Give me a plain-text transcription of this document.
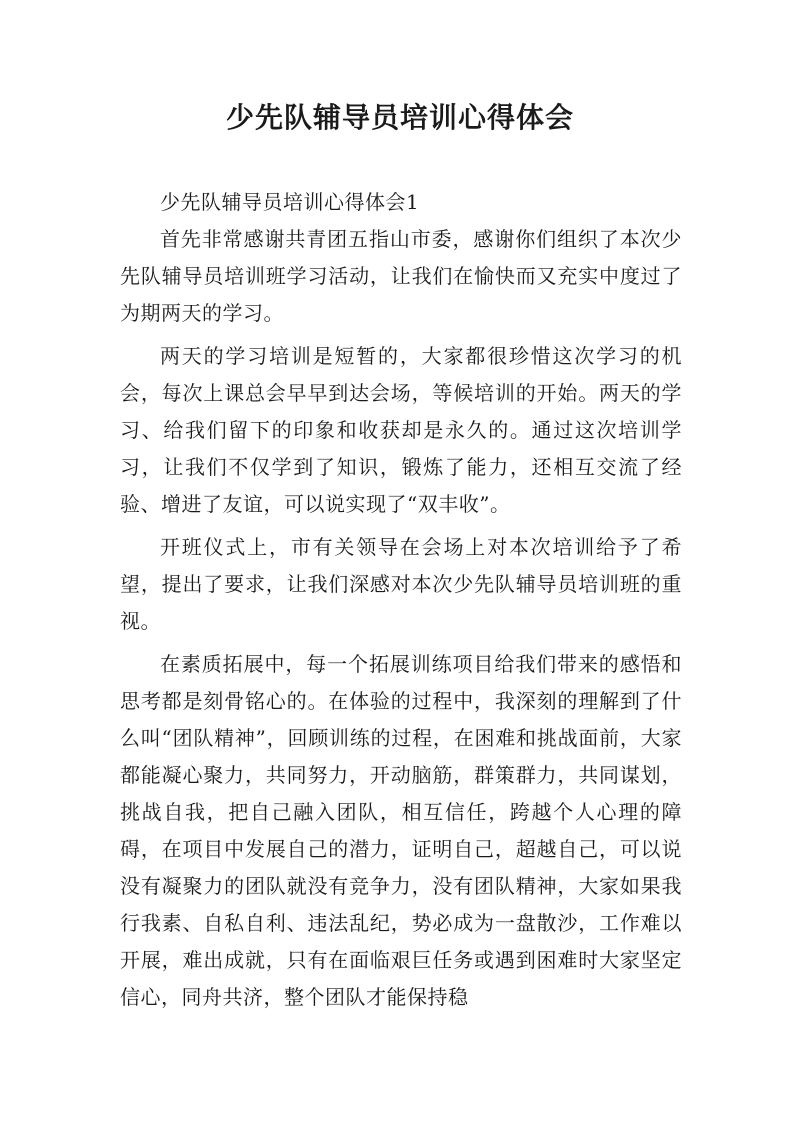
少先队辅导员培训心得体会

少先队辅导员培训心得体会1

首先非常感谢共青团五指山市委，感谢你们组织了本次少先队辅导员培训班学习活动，让我们在愉快而又充实中度过了为期两天的学习。

两天的学习培训是短暂的，大家都很珍惜这次学习的机会，每次上课总会早早到达会场，等候培训的开始。两天的学习、给我们留下的印象和收获却是永久的。通过这次培训学习，让我们不仅学到了知识，锻炼了能力，还相互交流了经验、增进了友谊，可以说实现了“双丰收”。

开班仪式上，市有关领导在会场上对本次培训给予了希望，提出了要求，让我们深感对本次少先队辅导员培训班的重视。

在素质拓展中，每一个拓展训练项目给我们带来的感悟和思考都是刻骨铭心的。在体验的过程中，我深刻的理解到了什么叫“团队精神”，回顾训练的过程，在困难和挑战面前，大家都能凝心聚力，共同努力，开动脑筋，群策群力，共同谋划，挑战自我，把自己融入团队，相互信任，跨越个人心理的障碍，在项目中发展自己的潜力，证明自己，超越自己，可以说没有凝聚力的团队就没有竞争力，没有团队精神，大家如果我行我素、自私自利、违法乱纪，势必成为一盘散沙，工作难以开展，难出成就，只有在面临艰巨任务或遇到困难时大家坚定信心，同舟共济，整个团队才能保持稳
